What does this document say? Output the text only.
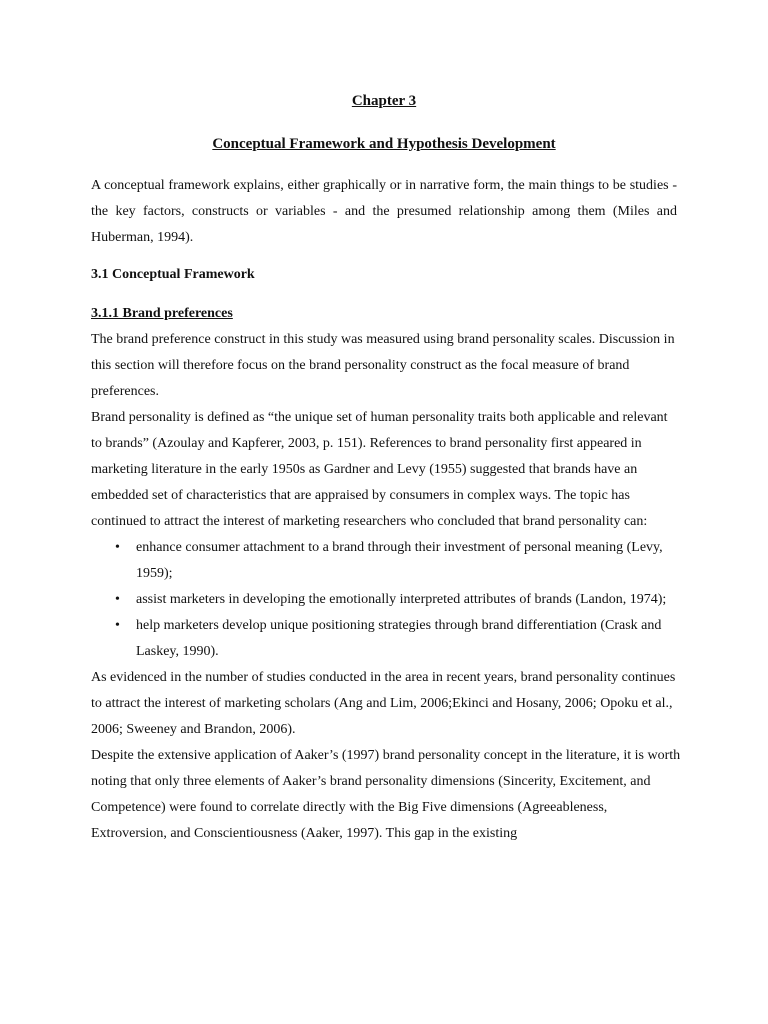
Chapter 3
Conceptual Framework and Hypothesis Development

A conceptual framework explains, either graphically or in narrative form, the main things to be studies - the key factors, constructs or variables - and the presumed relationship among them (Miles and Huberman, 1994).

3.1 Conceptual Framework

3.1.1 Brand preferences

The brand preference construct in this study was measured using brand personality scales. Discussion in this section will therefore focus on the brand personality construct as the focal measure of brand preferences.

Brand personality is defined as “the unique set of human personality traits both applicable and relevant to brands” (Azoulay and Kapferer, 2003, p. 151). References to brand personality first appeared in marketing literature in the early 1950s as Gardner and Levy (1955) suggested that brands have an embedded set of characteristics that are appraised by consumers in complex ways. The topic has continued to attract the interest of marketing researchers who concluded that brand personality can:

• enhance consumer attachment to a brand through their investment of personal meaning (Levy, 1959);
• assist marketers in developing the emotionally interpreted attributes of brands (Landon, 1974);
• help marketers develop unique positioning strategies through brand differentiation (Crask and Laskey, 1990).

As evidenced in the number of studies conducted in the area in recent years, brand personality continues to attract the interest of marketing scholars (Ang and Lim, 2006;Ekinci and Hosany, 2006; Opoku et al., 2006; Sweeney and Brandon, 2006).

Despite the extensive application of Aaker’s (1997) brand personality concept in the literature, it is worth noting that only three elements of Aaker’s brand personality dimensions (Sincerity, Excitement, and Competence) were found to correlate directly with the Big Five dimensions (Agreeableness, Extroversion, and Conscientiousness (Aaker, 1997). This gap in the existing
